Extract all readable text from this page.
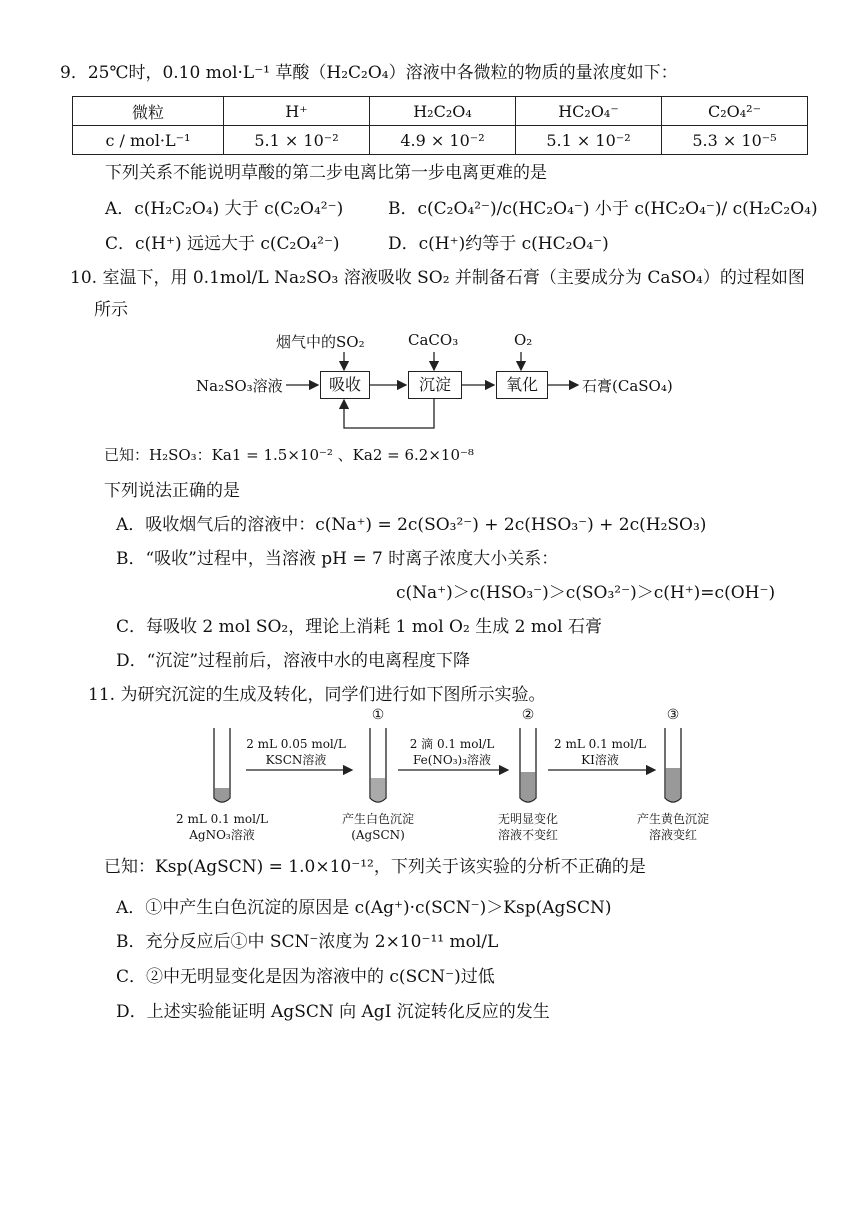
9．25℃时，0.10 mol·L⁻¹ 草酸（H₂C₂O₄）溶液中各微粒的物质的量浓度如下：
微粒	H⁺	H₂C₂O₄	HC₂O₄⁻	C₂O₄²⁻
c / mol·L⁻¹	5.1 × 10⁻²	4.9 × 10⁻²	5.1 × 10⁻²	5.3 × 10⁻⁵
下列关系不能说明草酸的第二步电离比第一步电离更难的是
A．c(H₂C₂O₄) 大于 c(C₂O₄²⁻)	B．c(C₂O₄²⁻)/c(HC₂O₄⁻) 小于 c(HC₂O₄⁻)/ c(H₂C₂O₄)
C．c(H⁺) 远远大于 c(C₂O₄²⁻)	D．c(H⁺)约等于 c(HC₂O₄⁻)
10. 室温下，用 0.1mol/L Na₂SO₃ 溶液吸收 SO₂ 并制备石膏（主要成分为 CaSO₄）的过程如图
所示
烟气中的SO₂	CaCO₃	O₂
Na₂SO₃溶液	吸收	沉淀	氧化	石膏(CaSO₄)
已知：H₂SO₃：Ka1 = 1.5×10⁻² 、Ka2 = 6.2×10⁻⁸
下列说法正确的是
A．吸收烟气后的溶液中：c(Na⁺) = 2c(SO₃²⁻) + 2c(HSO₃⁻) + 2c(H₂SO₃)
B．“吸收”过程中，当溶液 pH = 7 时离子浓度大小关系：
c(Na⁺)＞c(HSO₃⁻)＞c(SO₃²⁻)＞c(H⁺)=c(OH⁻)
C．每吸收 2 mol SO₂，理论上消耗 1 mol O₂ 生成 2 mol 石膏
D．“沉淀”过程前后，溶液中水的电离程度下降
11. 为研究沉淀的生成及转化，同学们进行如下图所示实验。
①	②	③
2 mL 0.05 mol/L
KSCN溶液
2 滴 0.1 mol/L
Fe(NO₃)₃溶液
2 mL 0.1 mol/L
KI溶液
2 mL 0.1 mol/L
AgNO₃溶液
产生白色沉淀
(AgSCN)
无明显变化
溶液不变红
产生黄色沉淀
溶液变红
已知：Ksp(AgSCN) = 1.0×10⁻¹²，下列关于该实验的分析不正确的是
A．①中产生白色沉淀的原因是 c(Ag⁺)·c(SCN⁻)＞Ksp(AgSCN)
B．充分反应后①中 SCN⁻浓度为 2×10⁻¹¹ mol/L
C．②中无明显变化是因为溶液中的 c(SCN⁻)过低
D．上述实验能证明 AgSCN 向 AgI 沉淀转化反应的发生
